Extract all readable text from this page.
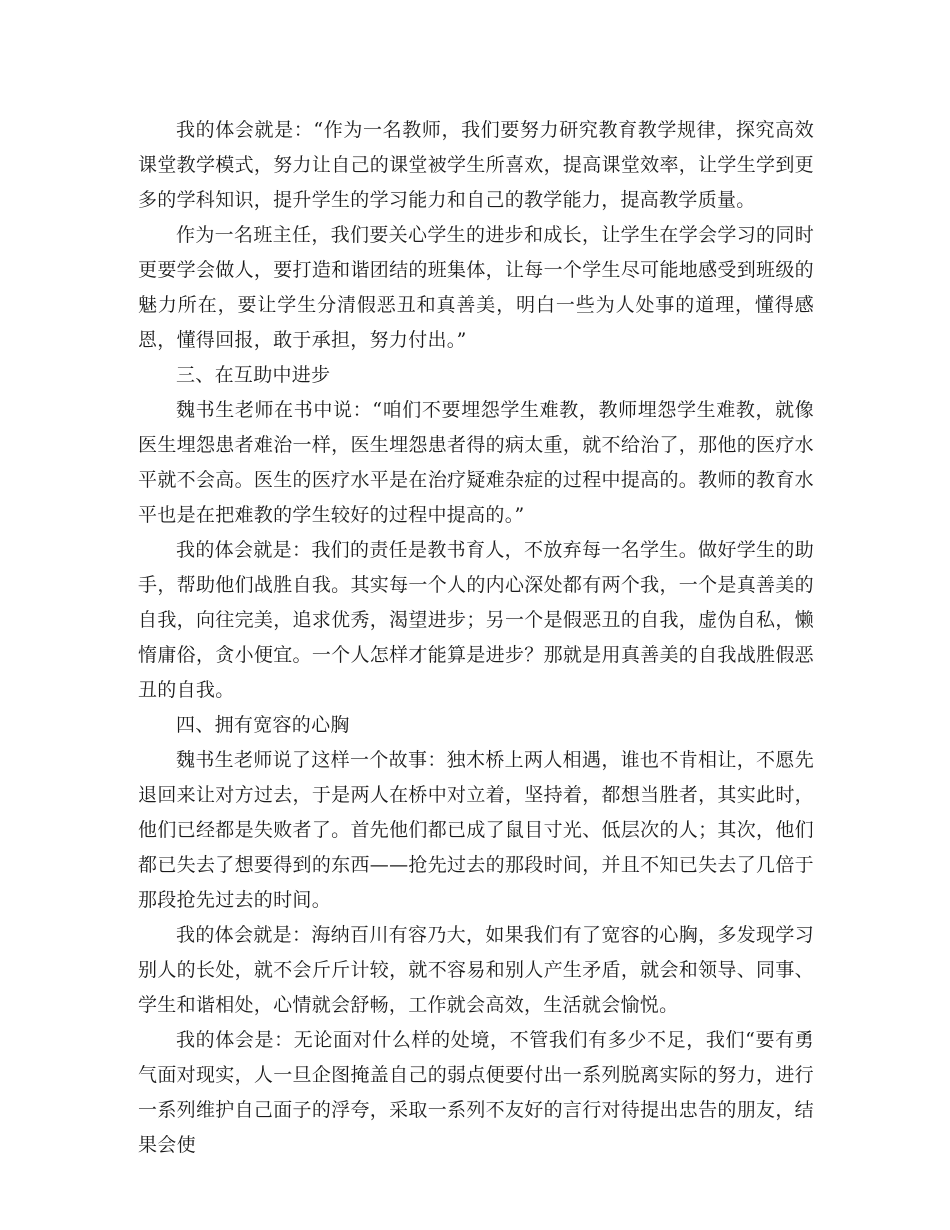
我的体会就是：“作为一名教师，我们要努力研究教育教学规律，探究高效课堂教学模式，努力让自己的课堂被学生所喜欢，提高课堂效率，让学生学到更多的学科知识，提升学生的学习能力和自己的教学能力，提高教学质量。

作为一名班主任，我们要关心学生的进步和成长，让学生在学会学习的同时更要学会做人，要打造和谐团结的班集体，让每一个学生尽可能地感受到班级的魅力所在，要让学生分清假恶丑和真善美，明白一些为人处事的道理，懂得感恩，懂得回报，敢于承担，努力付出。”

三、在互助中进步

魏书生老师在书中说：“咱们不要埋怨学生难教，教师埋怨学生难教，就像医生埋怨患者难治一样，医生埋怨患者得的病太重，就不给治了，那他的医疗水平就不会高。医生的医疗水平是在治疗疑难杂症的过程中提高的。教师的教育水平也是在把难教的学生较好的过程中提高的。”

我的体会就是：我们的责任是教书育人，不放弃每一名学生。做好学生的助手，帮助他们战胜自我。其实每一个人的内心深处都有两个我，一个是真善美的自我，向往完美，追求优秀，渴望进步；另一个是假恶丑的自我，虚伪自私，懒惰庸俗，贪小便宜。一个人怎样才能算是进步？那就是用真善美的自我战胜假恶丑的自我。

四、拥有宽容的心胸

魏书生老师说了这样一个故事：独木桥上两人相遇，谁也不肯相让，不愿先退回来让对方过去，于是两人在桥中对立着，坚持着，都想当胜者，其实此时，他们已经都是失败者了。首先他们都已成了鼠目寸光、低层次的人；其次，他们都已失去了想要得到的东西——抢先过去的那段时间，并且不知已失去了几倍于那段抢先过去的时间。

我的体会就是：海纳百川有容乃大，如果我们有了宽容的心胸，多发现学习别人的长处，就不会斤斤计较，就不容易和别人产生矛盾，就会和领导、同事、学生和谐相处，心情就会舒畅，工作就会高效，生活就会愉悦。

我的体会是：无论面对什么样的处境，不管我们有多少不足，我们“要有勇气面对现实，人一旦企图掩盖自己的弱点便要付出一系列脱离实际的努力，进行一系列维护自己面子的浮夸，采取一系列不友好的言行对待提出忠告的朋友，结果会使
